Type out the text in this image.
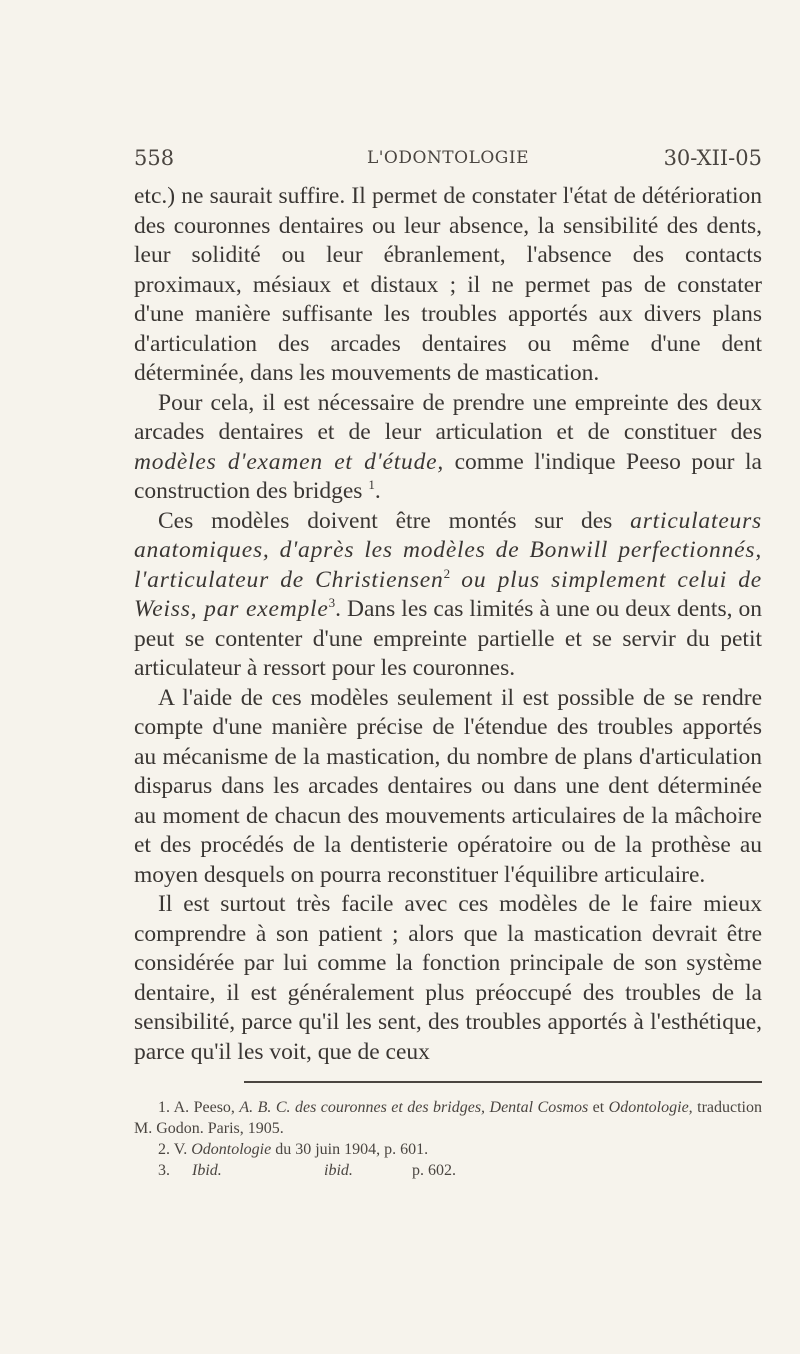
558	L'ODONTOLOGIE	30-XII-05

etc.) ne saurait suffire. Il permet de constater l'état de détérioration des couronnes dentaires ou leur absence, la sensibilité des dents, leur solidité ou leur ébranlement, l'absence des contacts proximaux, mésiaux et distaux ; il ne permet pas de constater d'une manière suffisante les troubles apportés aux divers plans d'articulation des arcades dentaires ou même d'une dent déterminée, dans les mouvements de mastication.

Pour cela, il est nécessaire de prendre une empreinte des deux arcades dentaires et de leur articulation et de constituer des modèles d'examen et d'étude, comme l'indique Peeso pour la construction des bridges $^1$.

Ces modèles doivent être montés sur des articulateurs anatomiques, d'après les modèles de Bonwill perfectionnés, l'articulateur de Christiensen$^2$ ou plus simplement celui de Weiss, par exemple$^3$. Dans les cas limités à une ou deux dents, on peut se contenter d'une empreinte partielle et se servir du petit articulateur à ressort pour les couronnes.

A l'aide de ces modèles seulement il est possible de se rendre compte d'une manière précise de l'étendue des troubles apportés au mécanisme de la mastication, du nombre de plans d'articulation disparus dans les arcades dentaires ou dans une dent déterminée au moment de chacun des mouvements articulaires de la mâchoire et des procédés de la dentisterie opératoire ou de la prothèse au moyen desquels on pourra reconstituer l'équilibre articulaire.

Il est surtout très facile avec ces modèles de le faire mieux comprendre à son patient ; alors que la mastication devrait être considérée par lui comme la fonction principale de son système dentaire, il est généralement plus préoccupé des troubles de la sensibilité, parce qu'il les sent, des troubles apportés à l'esthétique, parce qu'il les voit, que de ceux

1. A. Peeso, A. B. C. des couronnes et des bridges, Dental Cosmos et Odontologie, traduction M. Godon. Paris, 1905.

2. V. Odontologie du 30 juin 1904, p. 601.

3. Ibid.	ibid.	p. 602.
